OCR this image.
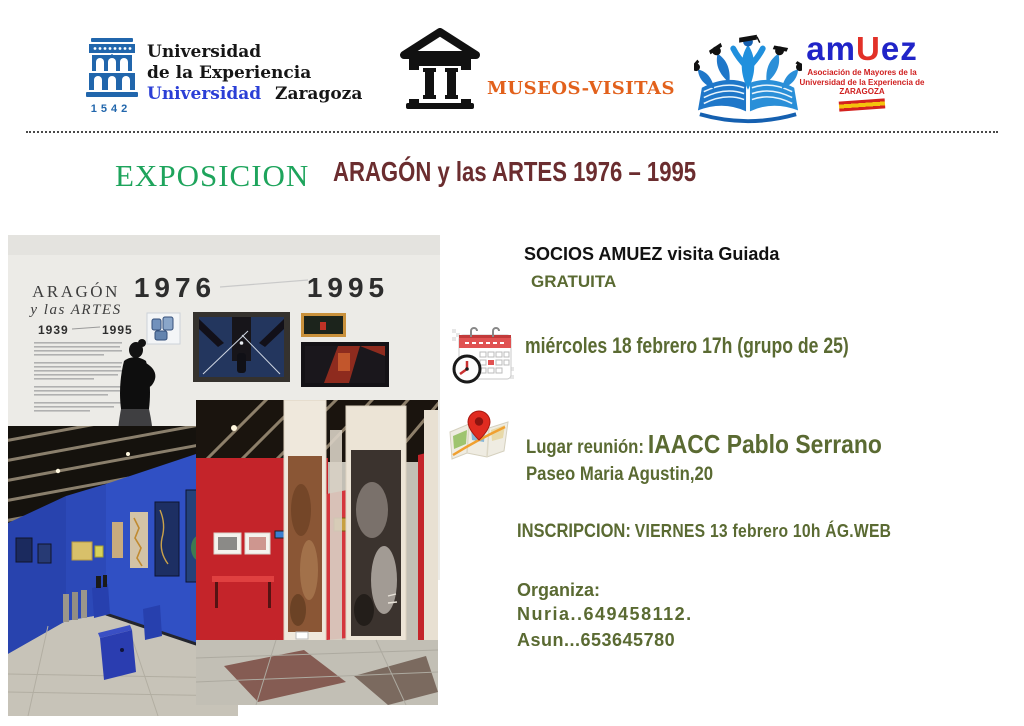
1542
Universidad
de la Experiencia
Universidad Zaragoza	MUSEOS-VISITAS
amUez
Asociación de Mayores de la
Universidad de la Experiencia de
ZARAGOZA
EXPOSICION ARAGÓN y las ARTES 1976 – 1995
ARAGÓN
y las ARTES
1939	1995
1976	1995
SOCIOS AMUEZ visita Guiada
GRATUITA
miércoles 18 febrero 17h (grupo de 25)
Lugar reunión: IAACC Pablo Serrano
Paseo Maria Agustin,20
INSCRIPCION: VIERNES 13 febrero 10h ÁG.WEB
Organiza:
Nuria..649458112.
Asun...653645780
